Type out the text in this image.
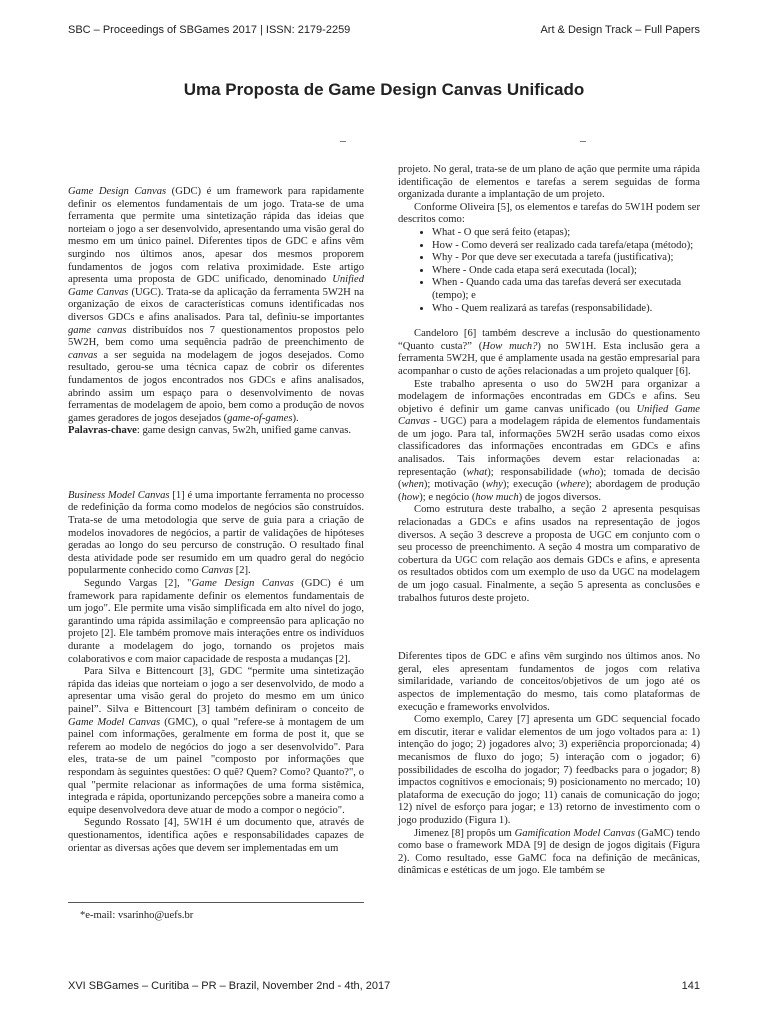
SBC – Proceedings of SBGames 2017 | ISSN: 2179-2259	Art & Design Track – Full Papers
Uma Proposta de Game Design Canvas Unificado
–	–

Game Design Canvas (GDC) é um framework para rapidamente definir os elementos fundamentais de um jogo. Trata-se de uma ferramenta que permite uma sintetização rápida das ideias que norteiam o jogo a ser desenvolvido, apresentando uma visão geral do mesmo em um único painel. Diferentes tipos de GDC e afins vêm surgindo nos últimos anos, apesar dos mesmos proporem fundamentos de jogos com relativa proximidade. Este artigo apresenta uma proposta de GDC unificado, denominado Unified Game Canvas (UGC). Trata-se da aplicação da ferramenta 5W2H na organização de eixos de características comuns identificadas nos diversos GDCs e afins analisados. Para tal, definiu-se importantes game canvas distribuídos nos 7 questionamentos propostos pelo 5W2H, bem como uma sequência padrão de preenchimento de canvas a ser seguida na modelagem de jogos desejados. Como resultado, gerou-se uma técnica capaz de cobrir os diferentes fundamentos de jogos encontrados nos GDCs e afins analisados, abrindo assim um espaço para o desenvolvimento de novas ferramentas de modelagem de apoio, bem como a produção de novos games geradores de jogos desejados (game-of-games).

Palavras-chave: game design canvas, 5w2h, unified game canvas.

Business Model Canvas [1] é uma importante ferramenta no processo de redefinição da forma como modelos de negócios são construídos. Trata-se de uma metodologia que serve de guia para a criação de modelos inovadores de negócios, a partir de validações de hipóteses geradas ao longo do seu percurso de construção. O resultado final desta atividade pode ser resumido em um quadro geral do negócio popularmente conhecido como Canvas [2].

Segundo Vargas [2], "Game Design Canvas (GDC) é um framework para rapidamente definir os elementos fundamentais de um jogo". Ele permite uma visão simplificada em alto nível do jogo, garantindo uma rápida assimilação e compreensão para aplicação no projeto [2]. Ele também promove mais interações entre os indivíduos durante a modelagem do jogo, tornando os projetos mais colaborativos e com maior capacidade de resposta a mudanças [2].

Para Silva e Bittencourt [3], GDC “permite uma sintetização rápida das ideias que norteiam o jogo a ser desenvolvido, de modo a apresentar uma visão geral do projeto do mesmo em um único painel”. Silva e Bittencourt [3] também definiram o conceito de Game Model Canvas (GMC), o qual "refere-se à montagem de um painel com informações, geralmente em forma de post it, que se referem ao modelo de negócios do jogo a ser desenvolvido". Para eles, trata-se de um painel "composto por informações que respondam às seguintes questões: O quê? Quem? Como? Quanto?", o qual "permite relacionar as informações de uma forma sistêmica, integrada e rápida, oportunizando percepções sobre a maneira como a equipe desenvolvedora deve atuar de modo a compor o negócio".

Segundo Rossato [4], 5W1H é um documento que, através de questionamentos, identifica ações e responsabilidades capazes de orientar as diversas ações que devem ser implementadas em um

*e-mail: vsarinho@uefs.br

projeto. No geral, trata-se de um plano de ação que permite uma rápida identificação de elementos e tarefas a serem seguidas de forma organizada durante a implantação de um projeto.

Conforme Oliveira [5], os elementos e tarefas do 5W1H podem ser descritos como:

• What - O que será feito (etapas);
• How - Como deverá ser realizado cada tarefa/etapa (método);
• Why - Por que deve ser executada a tarefa (justificativa);
• Where - Onde cada etapa será executada (local);
• When - Quando cada uma das tarefas deverá ser executada (tempo); e
• Who - Quem realizará as tarefas (responsabilidade).

Candeloro [6] também descreve a inclusão do questionamento “Quanto custa?” (How much?) no 5W1H. Esta inclusão gera a ferramenta 5W2H, que é amplamente usada na gestão empresarial para acompanhar o custo de ações relacionadas a um projeto qualquer [6].

Este trabalho apresenta o uso do 5W2H para organizar a modelagem de informações encontradas em GDCs e afins. Seu objetivo é definir um game canvas unificado (ou Unified Game Canvas - UGC) para a modelagem rápida de elementos fundamentais de um jogo. Para tal, informações 5W2H serão usadas como eixos classificadores das informações encontradas em GDCs e afins analisados. Tais informações devem estar relacionadas a: representação (what); responsabilidade (who); tomada de decisão (when); motivação (why); execução (where); abordagem de produção (how); e negócio (how much) de jogos diversos.

Como estrutura deste trabalho, a seção 2 apresenta pesquisas relacionadas a GDCs e afins usados na representação de jogos diversos. A seção 3 descreve a proposta de UGC em conjunto com o seu processo de preenchimento. A seção 4 mostra um comparativo de cobertura da UGC com relação aos demais GDCs e afins, e apresenta os resultados obtidos com um exemplo de uso da UGC na modelagem de um jogo casual. Finalmente, a seção 5 apresenta as conclusões e trabalhos futuros deste projeto.

Diferentes tipos de GDC e afins vêm surgindo nos últimos anos. No geral, eles apresentam fundamentos de jogos com relativa similaridade, variando de conceitos/objetivos de um jogo até os aspectos de implementação do mesmo, tais como plataformas de execução e frameworks envolvidos.

Como exemplo, Carey [7] apresenta um GDC sequencial focado em discutir, iterar e validar elementos de um jogo voltados para a: 1) intenção do jogo; 2) jogadores alvo; 3) experiência proporcionada; 4) mecanismos de fluxo do jogo; 5) interação com o jogador; 6) possibilidades de escolha do jogador; 7) feedbacks para o jogador; 8) impactos cognitivos e emocionais; 9) posicionamento no mercado; 10) plataforma de execução do jogo; 11) canais de comunicação do jogo; 12) nível de esforço para jogar; e 13) retorno de investimento com o jogo produzido (Figura 1).

Jimenez [8] propôs um Gamification Model Canvas (GaMC) tendo como base o framework MDA [9] de design de jogos digitais (Figura 2). Como resultado, esse GaMC foca na definição de mecânicas, dinâmicas e estéticas de um jogo. Ele também se

XVI SBGames – Curitiba – PR – Brazil, November 2nd - 4th, 2017	141
